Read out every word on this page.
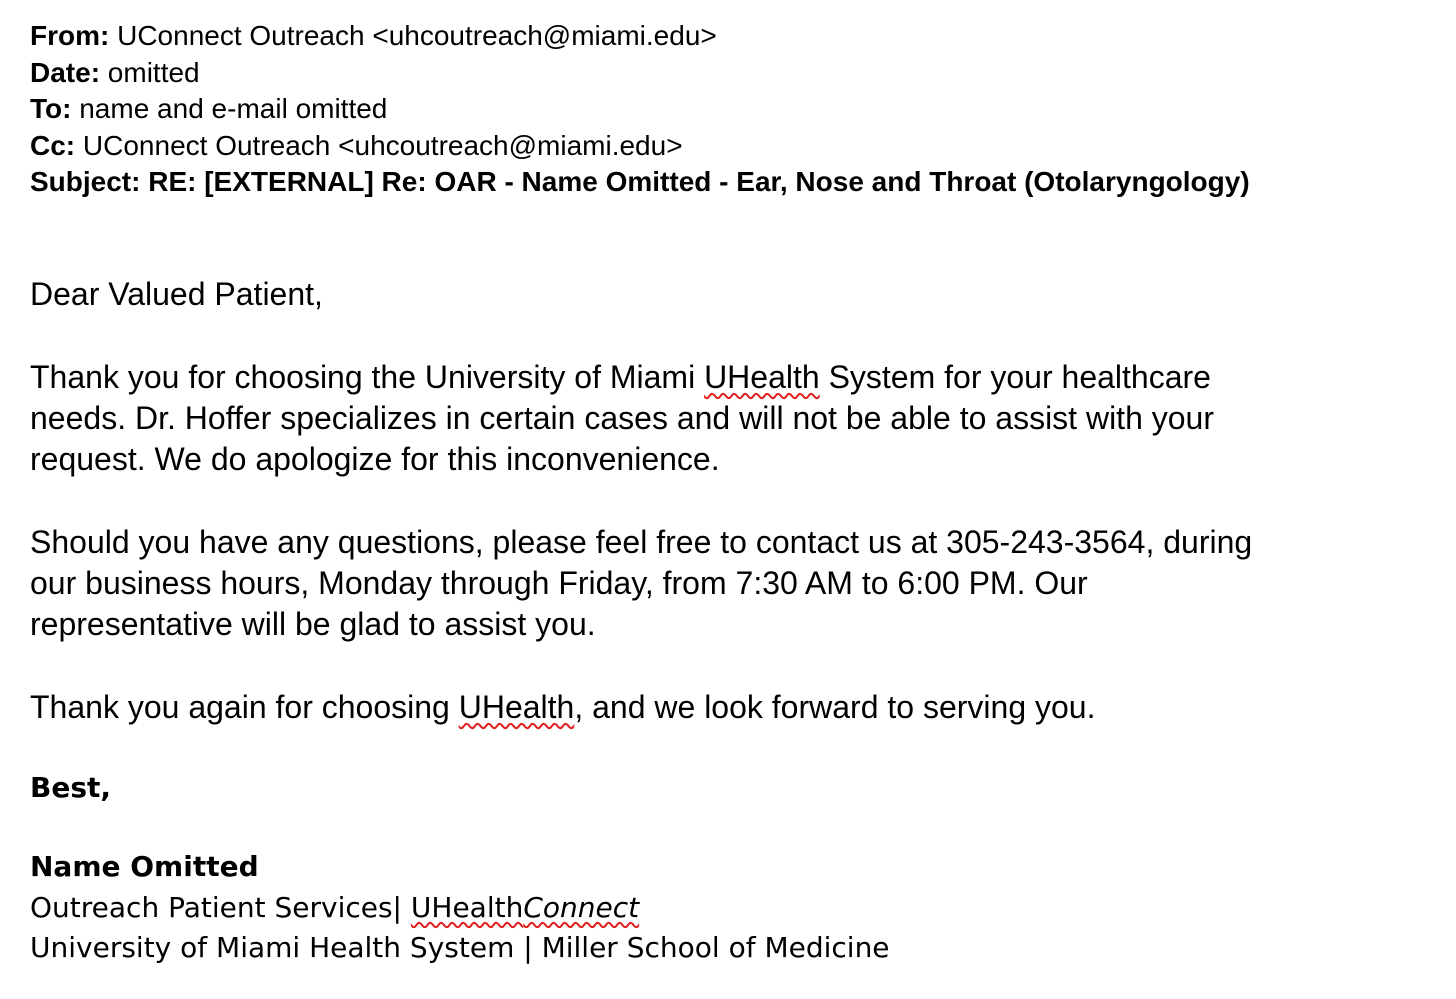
From: UConnect Outreach <uhcoutreach@miami.edu>
Date: omitted
To: name and e-mail omitted
Cc: UConnect Outreach <uhcoutreach@miami.edu>
Subject: RE: [EXTERNAL] Re: OAR - Name Omitted - Ear, Nose and Throat (Otolaryngology)
Dear Valued Patient,
Thank you for choosing the University of Miami UHealth System for your healthcare
needs. Dr. Hoffer specializes in certain cases and will not be able to assist with your
request. We do apologize for this inconvenience.
Should you have any questions, please feel free to contact us at 305-243-3564, during
our business hours, Monday through Friday, from 7:30 AM to 6:00 PM. Our
representative will be glad to assist you.
Thank you again for choosing UHealth, and we look forward to serving you.
Best,
Name Omitted
Outreach Patient Services| UHealthConnect
University of Miami Health System | Miller School of Medicine
